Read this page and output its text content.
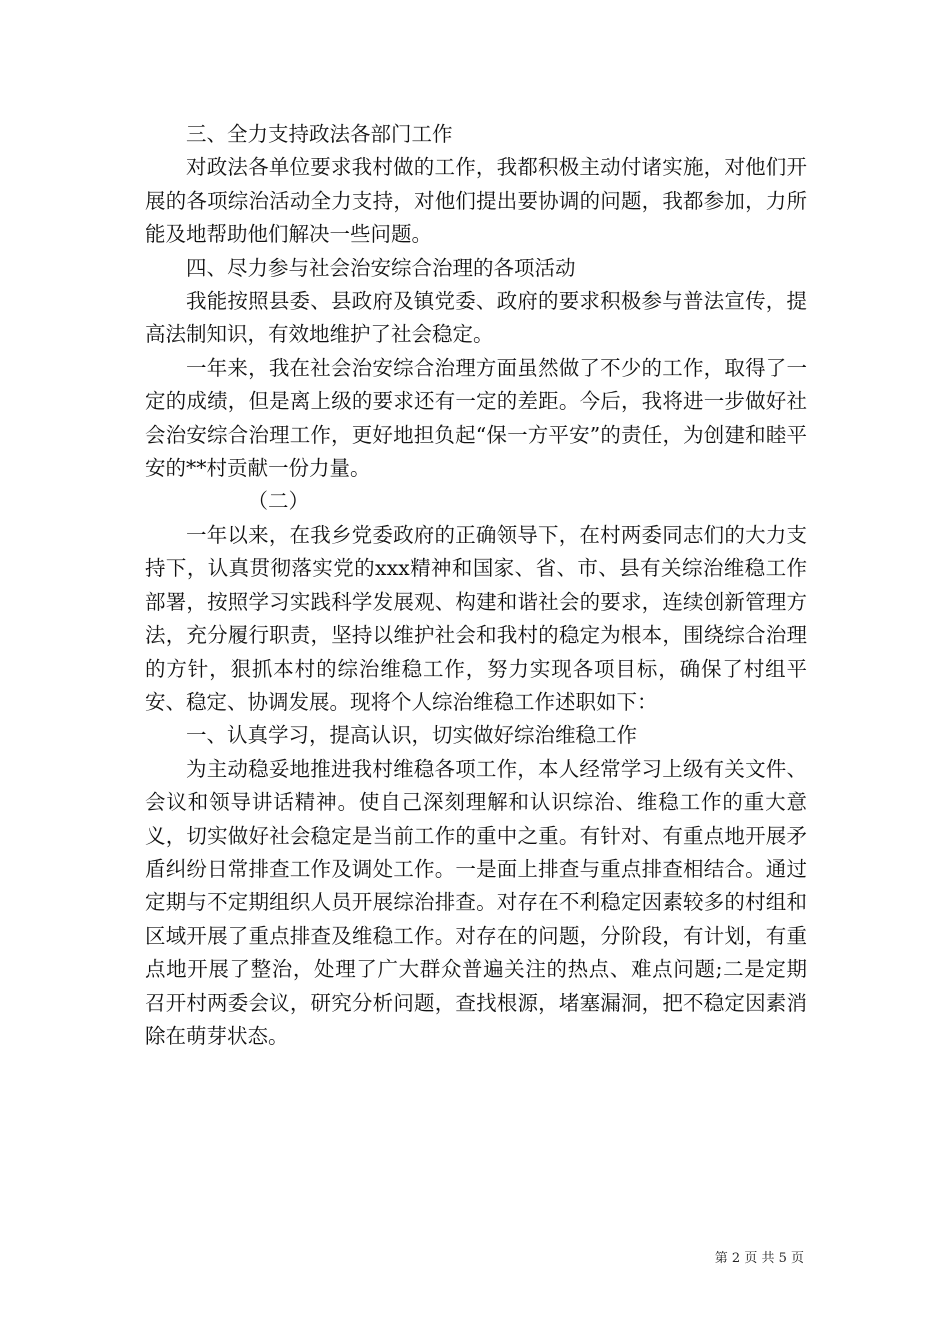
三、全力支持政法各部门工作

对政法各单位要求我村做的工作，我都积极主动付诸实施，对他们开展的各项综治活动全力支持，对他们提出要协调的问题，我都参加，力所能及地帮助他们解决一些问题。

四、尽力参与社会治安综合治理的各项活动

我能按照县委、县政府及镇党委、政府的要求积极参与普法宣传，提高法制知识，有效地维护了社会稳定。

一年来，我在社会治安综合治理方面虽然做了不少的工作，取得了一定的成绩，但是离上级的要求还有一定的差距。今后，我将进一步做好社会治安综合治理工作，更好地担负起“保一方平安”的责任，为创建和睦平安的**村贡献一份力量。

（二）

一年以来，在我乡党委政府的正确领导下，在村两委同志们的大力支持下，认真贯彻落实党的xxx精神和国家、省、市、县有关综治维稳工作部署，按照学习实践科学发展观、构建和谐社会的要求，连续创新管理方法，充分履行职责，坚持以维护社会和我村的稳定为根本，围绕综合治理的方针，狠抓本村的综治维稳工作，努力实现各项目标，确保了村组平安、稳定、协调发展。现将个人综治维稳工作述职如下：

一、认真学习，提高认识，切实做好综治维稳工作

为主动稳妥地推进我村维稳各项工作，本人经常学习上级有关文件、会议和领导讲话精神。使自己深刻理解和认识综治、维稳工作的重大意义，切实做好社会稳定是当前工作的重中之重。有针对、有重点地开展矛盾纠纷日常排查工作及调处工作。一是面上排查与重点排查相结合。通过定期与不定期组织人员开展综治排查。对存在不利稳定因素较多的村组和区域开展了重点排查及维稳工作。对存在的问题，分阶段，有计划，有重点地开展了整治，处理了广大群众普遍关注的热点、难点问题;二是定期召开村两委会议，研究分析问题，查找根源，堵塞漏洞，把不稳定因素消除在萌芽状态。

第 2 页 共 5 页
